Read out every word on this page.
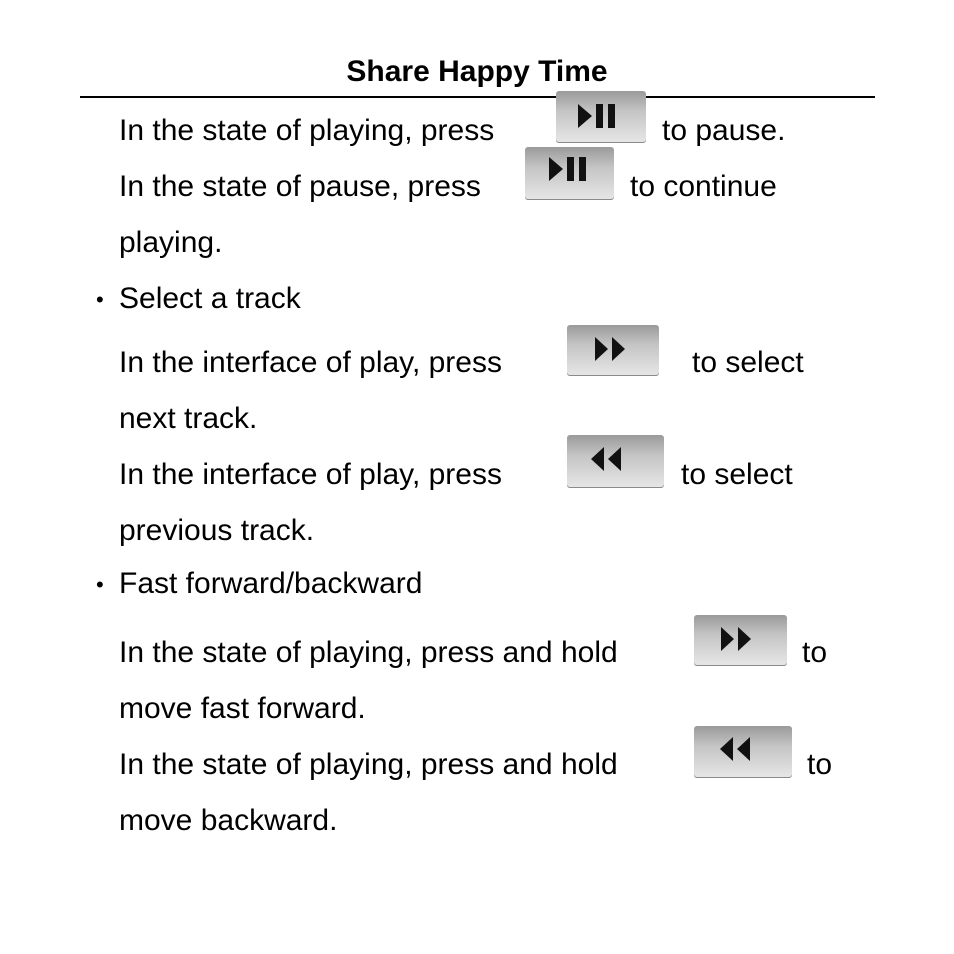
Share Happy Time
In the state of playing, press	to pause.
In the state of pause, press	to continue
playing.
• Select a track
In the interface of play, press	to select
next track.
In the interface of play, press	to select
previous track.
• Fast forward/backward
In the state of playing, press and hold	to
move fast forward.
In the state of playing, press and hold	to
move backward.
